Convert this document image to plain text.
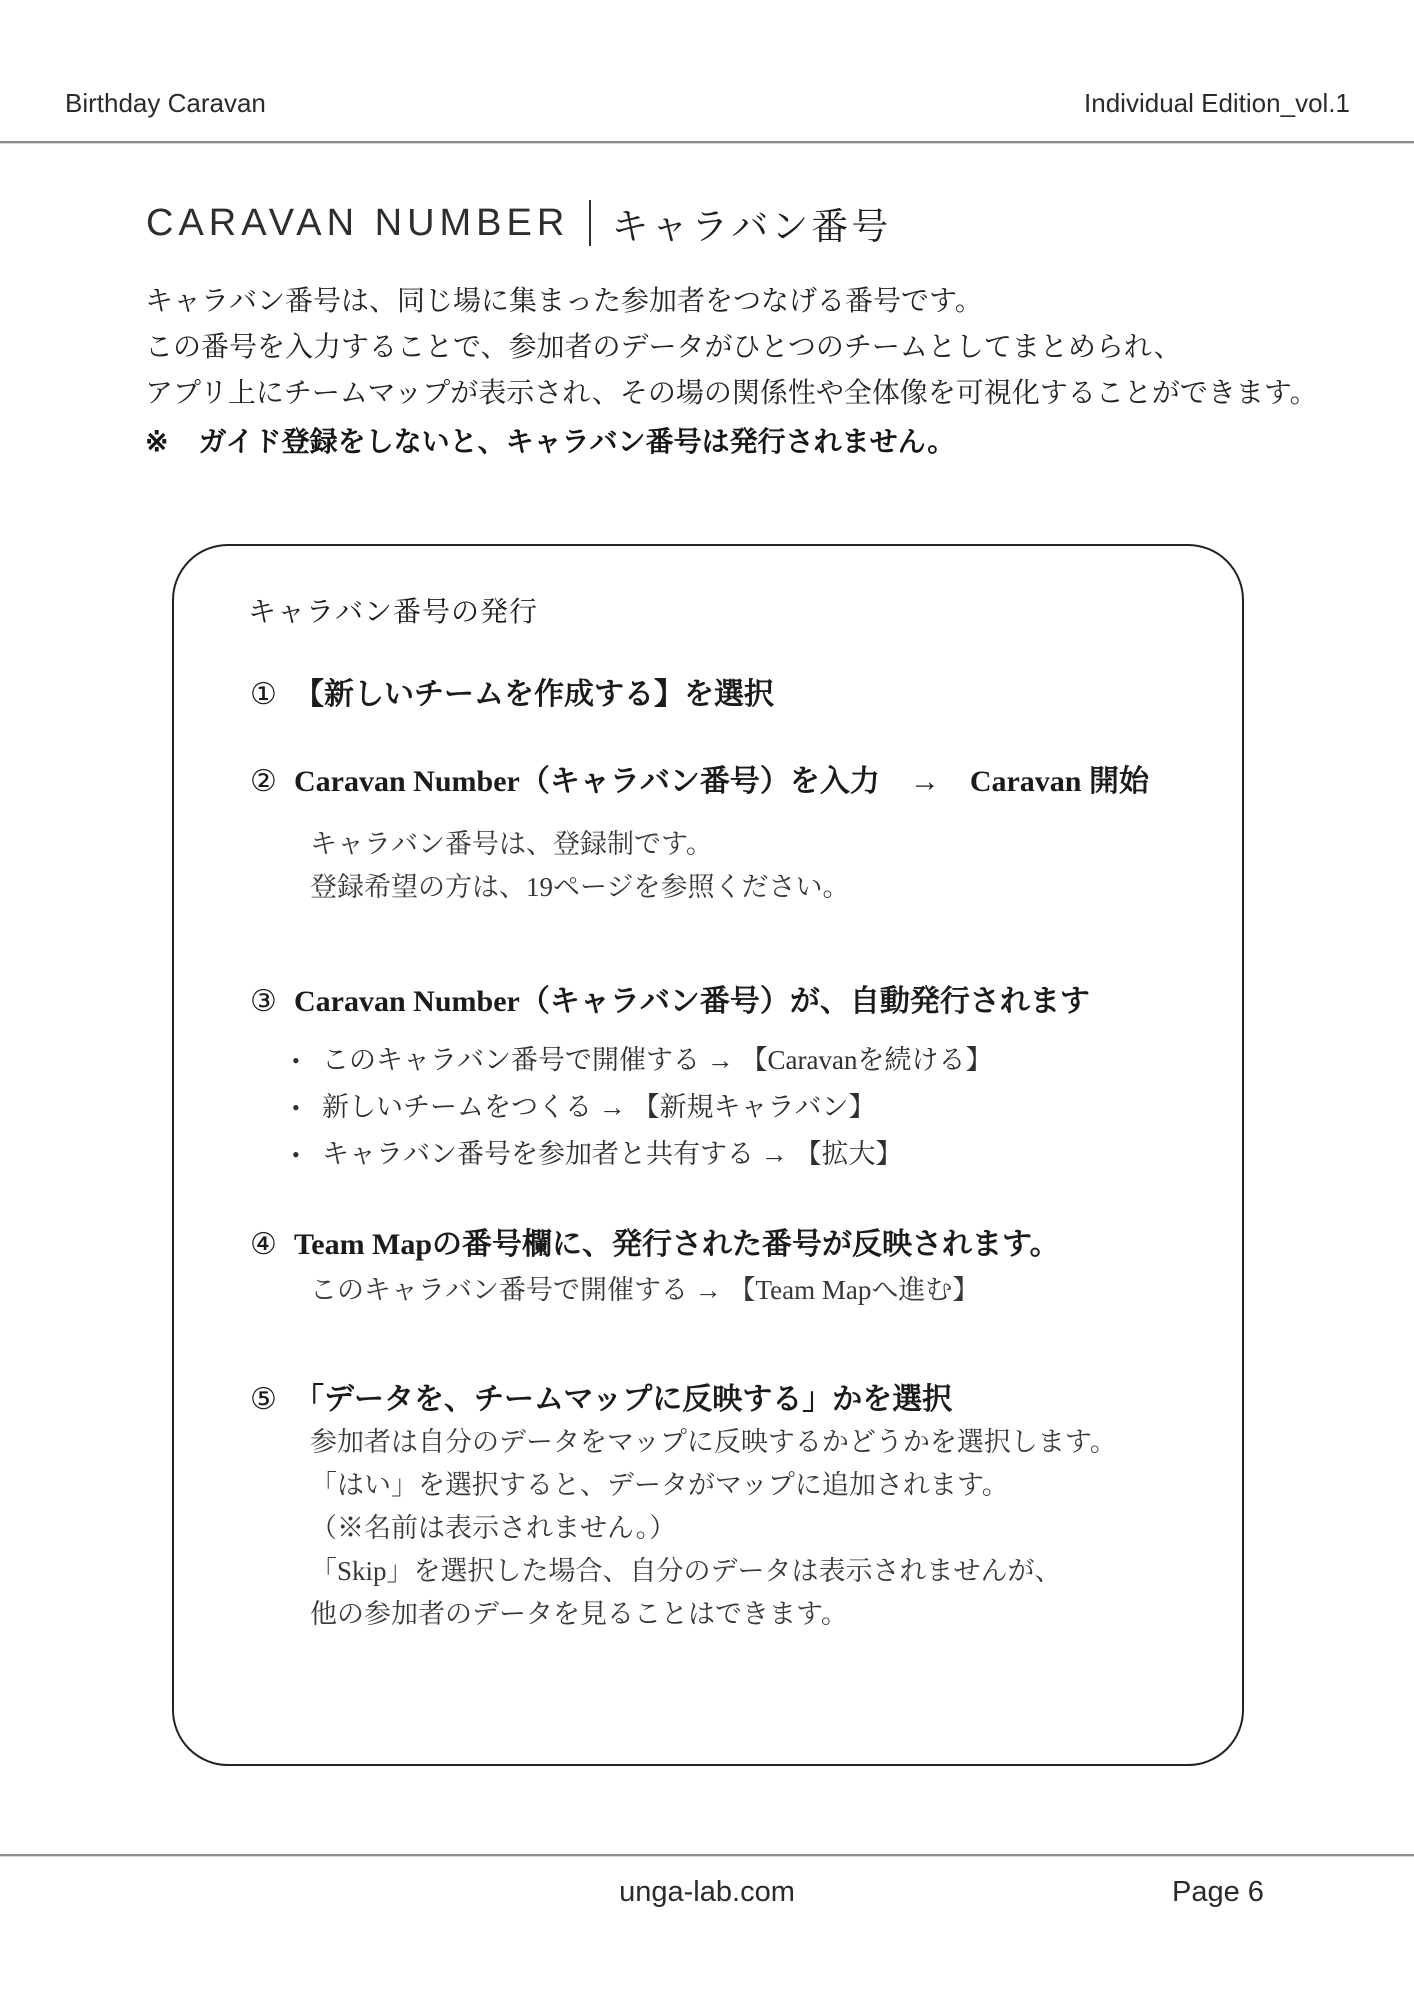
Birthday Caravan	Individual Edition_vol.1
CARAVAN NUMBER キャラバン番号
キャラバン番号は、同じ場に集まった参加者をつなげる番号です。
この番号を入力することで、参加者のデータがひとつのチームとしてまとめられ、
アプリ上にチームマップが表示され、その場の関係性や全体像を可視化することができます。
※ ガイド登録をしないと、キャラバン番号は発行されません。
キャラバン番号の発行
① 【新しいチームを作成する】を選択
② Caravan Number（キャラバン番号）を入力　→　Caravan 開始
キャラバン番号は、登録制です。
登録希望の方は、19ページを参照ください。
③ Caravan Number（キャラバン番号）が、自動発行されます
• このキャラバン番号で開催する → 【Caravanを続ける】
• 新しいチームをつくる → 【新規キャラバン】
• キャラバン番号を参加者と共有する → 【拡大】
④ Team Mapの番号欄に、発行された番号が反映されます。
このキャラバン番号で開催する → 【Team Mapへ進む】
⑤ 「データを、チームマップに反映する」かを選択
参加者は自分のデータをマップに反映するかどうかを選択します。
「はい」を選択すると、データがマップに追加されます。
（※名前は表示されません。）
「Skip」を選択した場合、自分のデータは表示されませんが、
他の参加者のデータを見ることはできます。
unga-lab.com	Page 6
